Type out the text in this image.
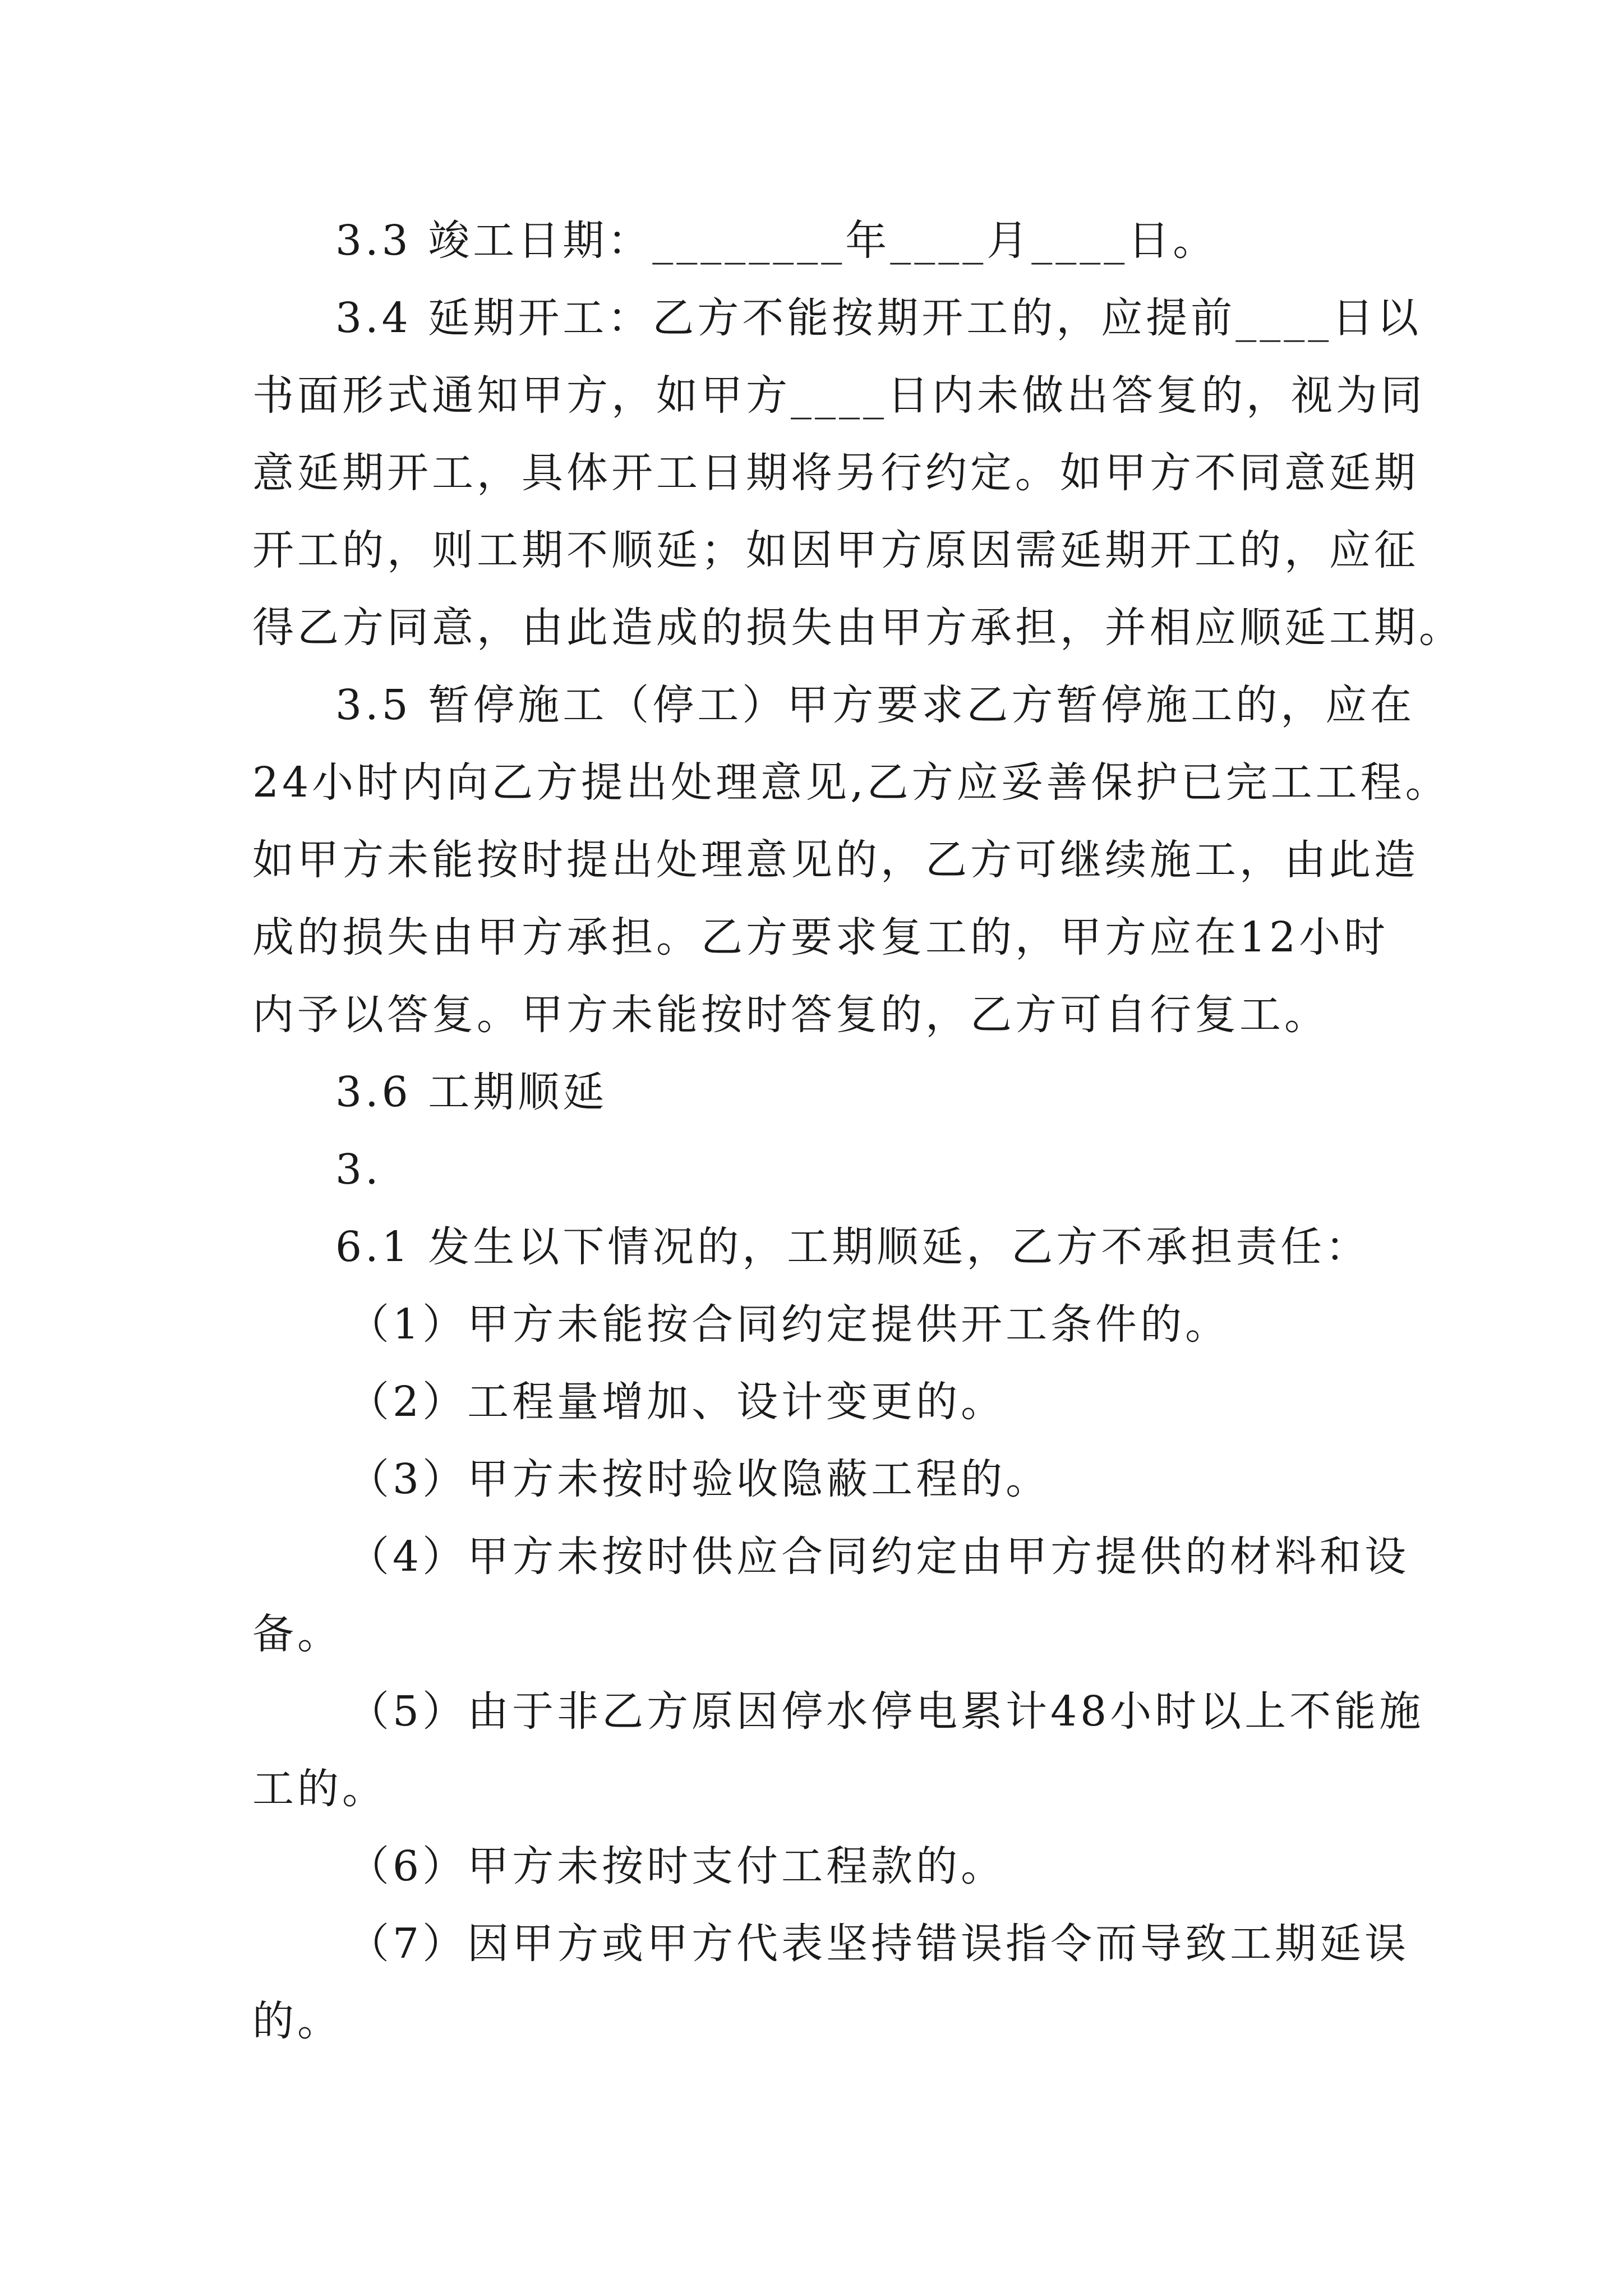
3.3 竣工日期：________年____月____日。
3.4 延期开工：乙方不能按期开工的，应提前____日以
书面形式通知甲方，如甲方____日内未做出答复的，视为同
意延期开工，具体开工日期将另行约定。如甲方不同意延期
开工的，则工期不顺延；如因甲方原因需延期开工的，应征
得乙方同意，由此造成的损失由甲方承担，并相应顺延工期。
3.5 暂停施工（停工）甲方要求乙方暂停施工的，应在
24小时内向乙方提出处理意见,乙方应妥善保护已完工工程。
如甲方未能按时提出处理意见的，乙方可继续施工，由此造
成的损失由甲方承担。乙方要求复工的，甲方应在12小时
内予以答复。甲方未能按时答复的，乙方可自行复工。
3.6 工期顺延
3.
6.1 发生以下情况的，工期顺延，乙方不承担责任：
（1）甲方未能按合同约定提供开工条件的。
（2）工程量增加、设计变更的。
（3）甲方未按时验收隐蔽工程的。
（4）甲方未按时供应合同约定由甲方提供的材料和设
备。
（5）由于非乙方原因停水停电累计48小时以上不能施
工的。
（6）甲方未按时支付工程款的。
（7）因甲方或甲方代表坚持错误指令而导致工期延误
的。
